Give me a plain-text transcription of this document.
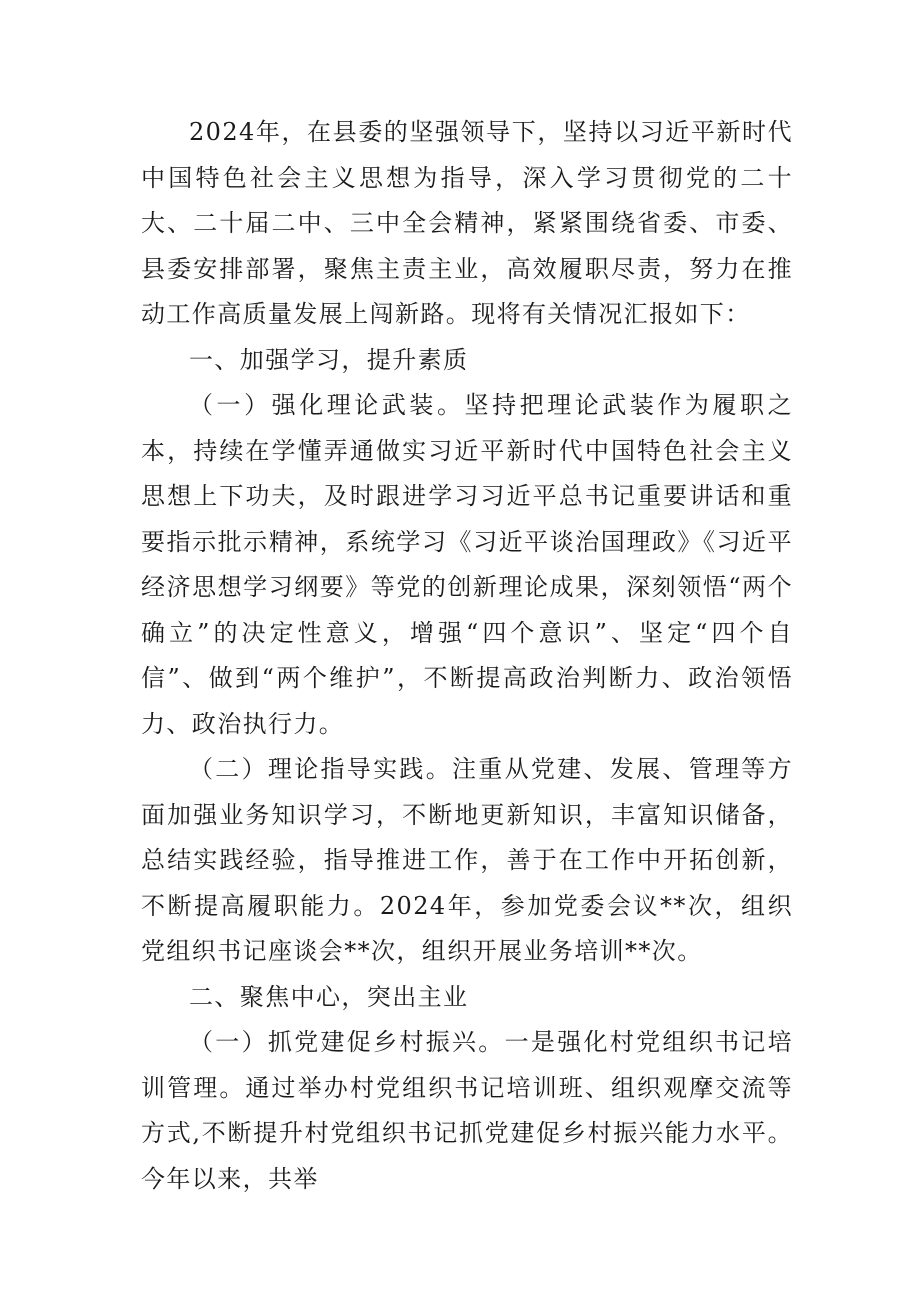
2024年，在县委的坚强领导下，坚持以习近平新时代中国特色社会主义思想为指导，深入学习贯彻党的二十大、二十届二中、三中全会精神，紧紧围绕省委、市委、县委安排部署，聚焦主责主业，高效履职尽责，努力在推动工作高质量发展上闯新路。现将有关情况汇报如下：

一、加强学习，提升素质

（一）强化理论武装。坚持把理论武装作为履职之本，持续在学懂弄通做实习近平新时代中国特色社会主义思想上下功夫，及时跟进学习习近平总书记重要讲话和重要指示批示精神，系统学习《习近平谈治国理政》《习近平经济思想学习纲要》等党的创新理论成果，深刻领悟“两个确立”的决定性意义，增强“四个意识”、坚定“四个自信”、做到“两个维护”，不断提高政治判断力、政治领悟力、政治执行力。

（二）理论指导实践。注重从党建、发展、管理等方面加强业务知识学习，不断地更新知识，丰富知识储备，总结实践经验，指导推进工作，善于在工作中开拓创新，不断提高履职能力。2024年，参加党委会议**次，组织党组织书记座谈会**次，组织开展业务培训**次。

二、聚焦中心，突出主业

（一）抓党建促乡村振兴。一是强化村党组织书记培训管理。通过举办村党组织书记培训班、组织观摩交流等方式,不断提升村党组织书记抓党建促乡村振兴能力水平。今年以来，共举
